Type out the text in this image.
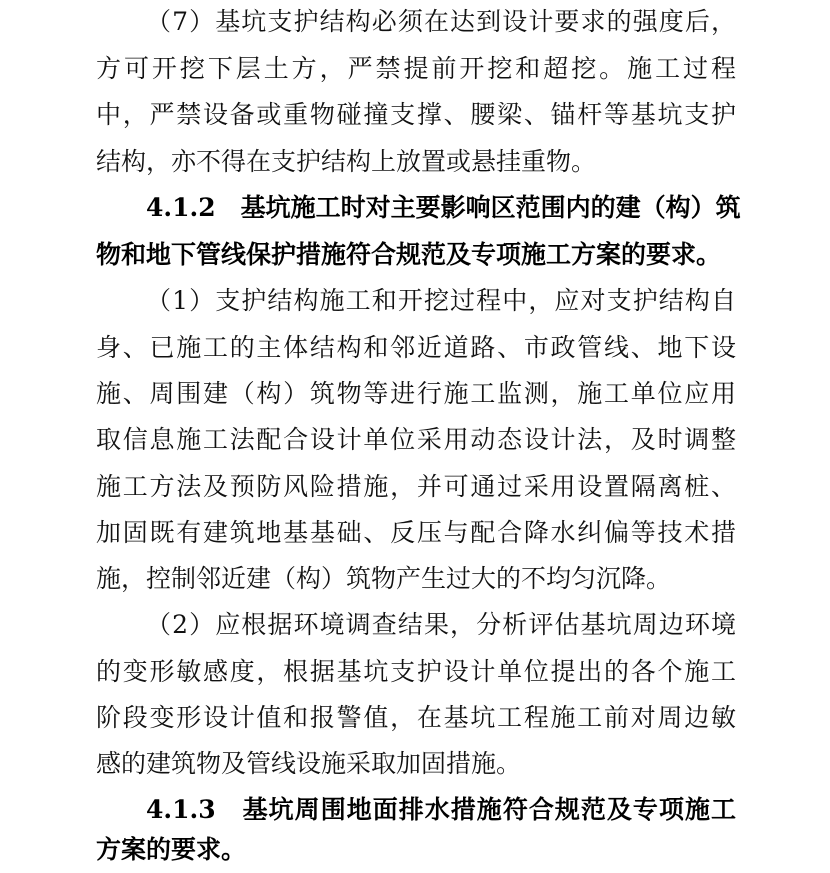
（7）基坑支护结构必须在达到设计要求的强度后，
方可开挖下层土方，严禁提前开挖和超挖。施工过程
中，严禁设备或重物碰撞支撑、腰梁、锚杆等基坑支护
结构，亦不得在支护结构上放置或悬挂重物。
4.1.2　基坑施工时对主要影响区范围内的建（构）筑
物和地下管线保护措施符合规范及专项施工方案的要求。
（1）支护结构施工和开挖过程中，应对支护结构自
身、已施工的主体结构和邻近道路、市政管线、地下设
施、周围建（构）筑物等进行施工监测，施工单位应用
取信息施工法配合设计单位采用动态设计法，及时调整
施工方法及预防风险措施，并可通过采用设置隔离桩、
加固既有建筑地基基础、反压与配合降水纠偏等技术措
施，控制邻近建（构）筑物产生过大的不均匀沉降。
（2）应根据环境调查结果，分析评估基坑周边环境
的变形敏感度，根据基坑支护设计单位提出的各个施工
阶段变形设计值和报警值，在基坑工程施工前对周边敏
感的建筑物及管线设施采取加固措施。
4.1.3　基坑周围地面排水措施符合规范及专项施工
方案的要求。
